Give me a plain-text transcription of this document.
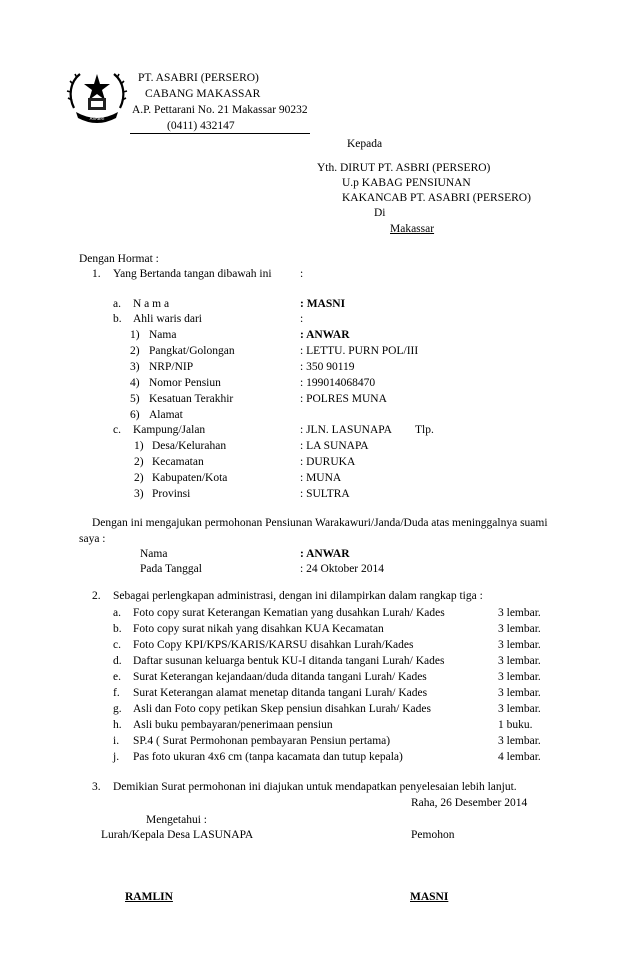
ASABRI
PT. ASABRI (PERSERO)
CABANG MAKASSAR
A.P. Pettarani No. 21 Makassar 90232
(0411) 432147
Kepada
Yth. DIRUT PT. ASBRI (PERSERO)
U.p KABAG PENSIUNAN
KAKANCAB PT. ASABRI (PERSERO)
Di
Makassar
Dengan Hormat :
1. Yang Bertanda tangan dibawah ini :
a. N a m a	: MASNI
b. Ahli waris dari	:
1) Nama	: ANWAR
2) Pangkat/Golongan	: LETTU. PURN POL/III
3) NRP/NIP	: 350 90119
4) Nomor Pensiun	: 199014068470
5) Kesatuan Terakhir	: POLRES MUNA
6) Alamat
c. Kampung/Jalan	: JLN. LASUNAPA Tlp.
1) Desa/Kelurahan	: LA SUNAPA
2) Kecamatan	: DURUKA
2) Kabupaten/Kota	: MUNA
3) Provinsi	: SULTRA
Dengan ini mengajukan permohonan Pensiunan Warakawuri/Janda/Duda atas meninggalnya suami
saya :
Nama	: ANWAR
Pada Tanggal	: 24 Oktober 2014
2. Sebagai perlengkapan administrasi, dengan ini dilampirkan dalam rangkap tiga :
a. Foto copy surat Keterangan Kematian yang dusahkan Lurah/ Kades	3 lembar.
b. Foto copy surat nikah yang disahkan KUA Kecamatan	3 lembar.
c. Foto Copy KPI/KPS/KARIS/KARSU disahkan Lurah/Kades	3 lembar.
d. Daftar susunan keluarga bentuk KU-I ditanda tangani Lurah/ Kades	3 lembar.
e. Surat Keterangan kejandaan/duda ditanda tangani Lurah/ Kades	3 lembar.
f. Surat Keterangan alamat menetap ditanda tangani Lurah/ Kades	3 lembar.
g. Asli dan Foto copy petikan Skep pensiun disahkan Lurah/ Kades	3 lembar.
h. Asli buku pembayaran/penerimaan pensiun	1 buku.
i. SP.4 ( Surat Permohonan pembayaran Pensiun pertama)	3 lembar.
j. Pas foto ukuran 4x6 cm (tanpa kacamata dan tutup kepala)	4 lembar.
3. Demikian Surat permohonan ini diajukan untuk mendapatkan penyelesaian lebih lanjut.
Raha, 26 Desember 2014
Mengetahui :
Lurah/Kepala Desa LASUNAPA	Pemohon
RAMLIN	MASNI
